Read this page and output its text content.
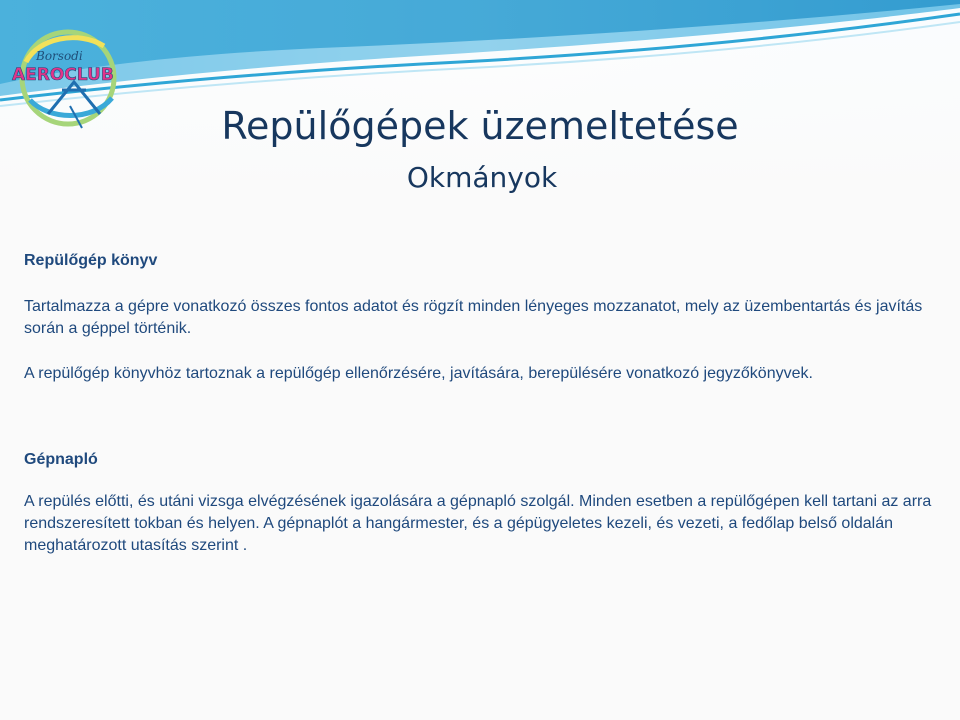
Borsodi
AEROCLUB
Repülőgépek üzemeltetése
Okmányok

Repülőgép könyv

Tartalmazza a gépre vonatkozó összes fontos adatot és rögzít minden lényeges mozzanatot, mely az üzembentartás és javítás során a géppel történik.

A repülőgép könyvhöz tartoznak a repülőgép ellenőrzésére, javítására, berepülésére vonatkozó jegyzőkönyvek.

Gépnapló

A repülés előtti, és utáni vizsga elvégzésének igazolására a gépnapló szolgál. Minden esetben a repülőgépen kell tartani az arra rendszeresített tokban és helyen. A gépnaplót a hangármester, és a gépügyeletes kezeli, és vezeti, a fedőlap belső oldalán meghatározott utasítás szerint .
